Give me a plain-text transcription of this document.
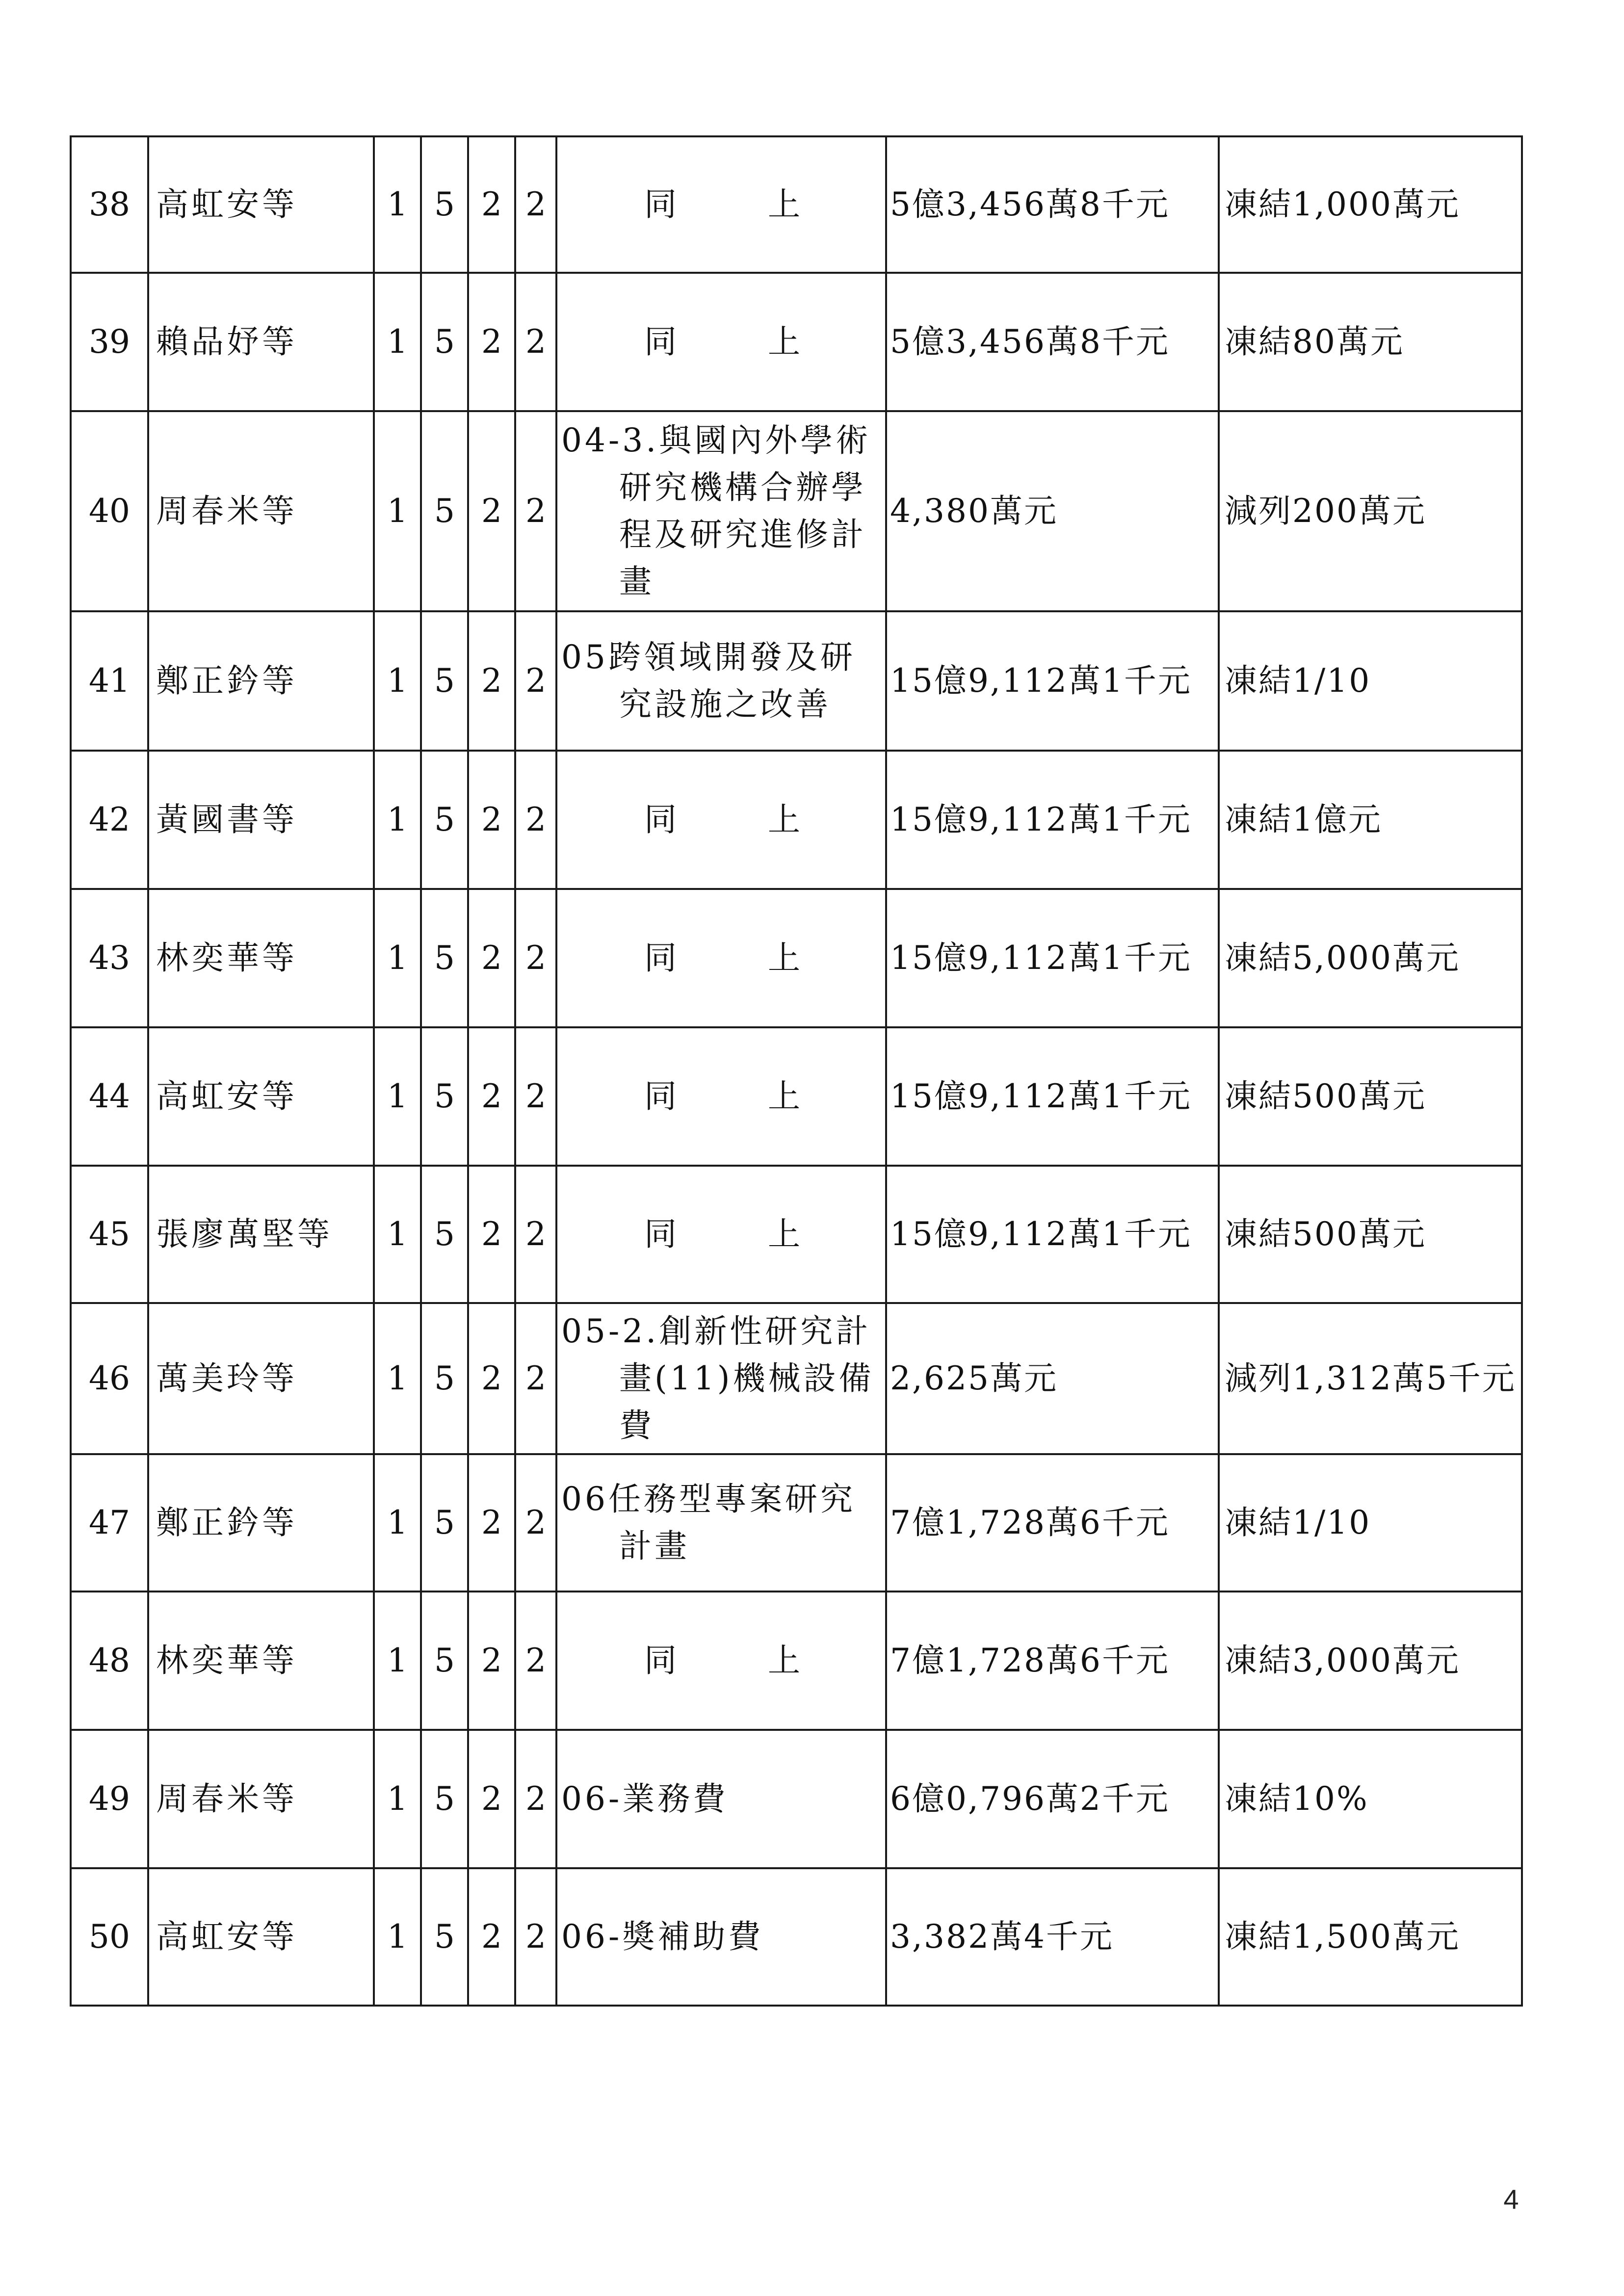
38	高虹安等	1	5	2	2	同　上	5億3,456萬8千元	凍結1,000萬元
39	賴品妤等	1	5	2	2	同　上	5億3,456萬8千元	凍結80萬元
40	周春米等	1	5	2	2	04-3.與國內外學術研究機構合辦學程及研究進修計畫	4,380萬元	減列200萬元
41	鄭正鈐等	1	5	2	2	05跨領域開發及研究設施之改善	15億9,112萬1千元	凍結1/10
42	黃國書等	1	5	2	2	同　上	15億9,112萬1千元	凍結1億元
43	林奕華等	1	5	2	2	同　上	15億9,112萬1千元	凍結5,000萬元
44	高虹安等	1	5	2	2	同　上	15億9,112萬1千元	凍結500萬元
45	張廖萬堅等	1	5	2	2	同　上	15億9,112萬1千元	凍結500萬元
46	萬美玲等	1	5	2	2	05-2.創新性研究計畫(11)機械設備費	2,625萬元	減列1,312萬5千元
47	鄭正鈐等	1	5	2	2	06任務型專案研究計畫	7億1,728萬6千元	凍結1/10
48	林奕華等	1	5	2	2	同　上	7億1,728萬6千元	凍結3,000萬元
49	周春米等	1	5	2	2	06-業務費	6億0,796萬2千元	凍結10%
50	高虹安等	1	5	2	2	06-獎補助費	3,382萬4千元	凍結1,500萬元
4
